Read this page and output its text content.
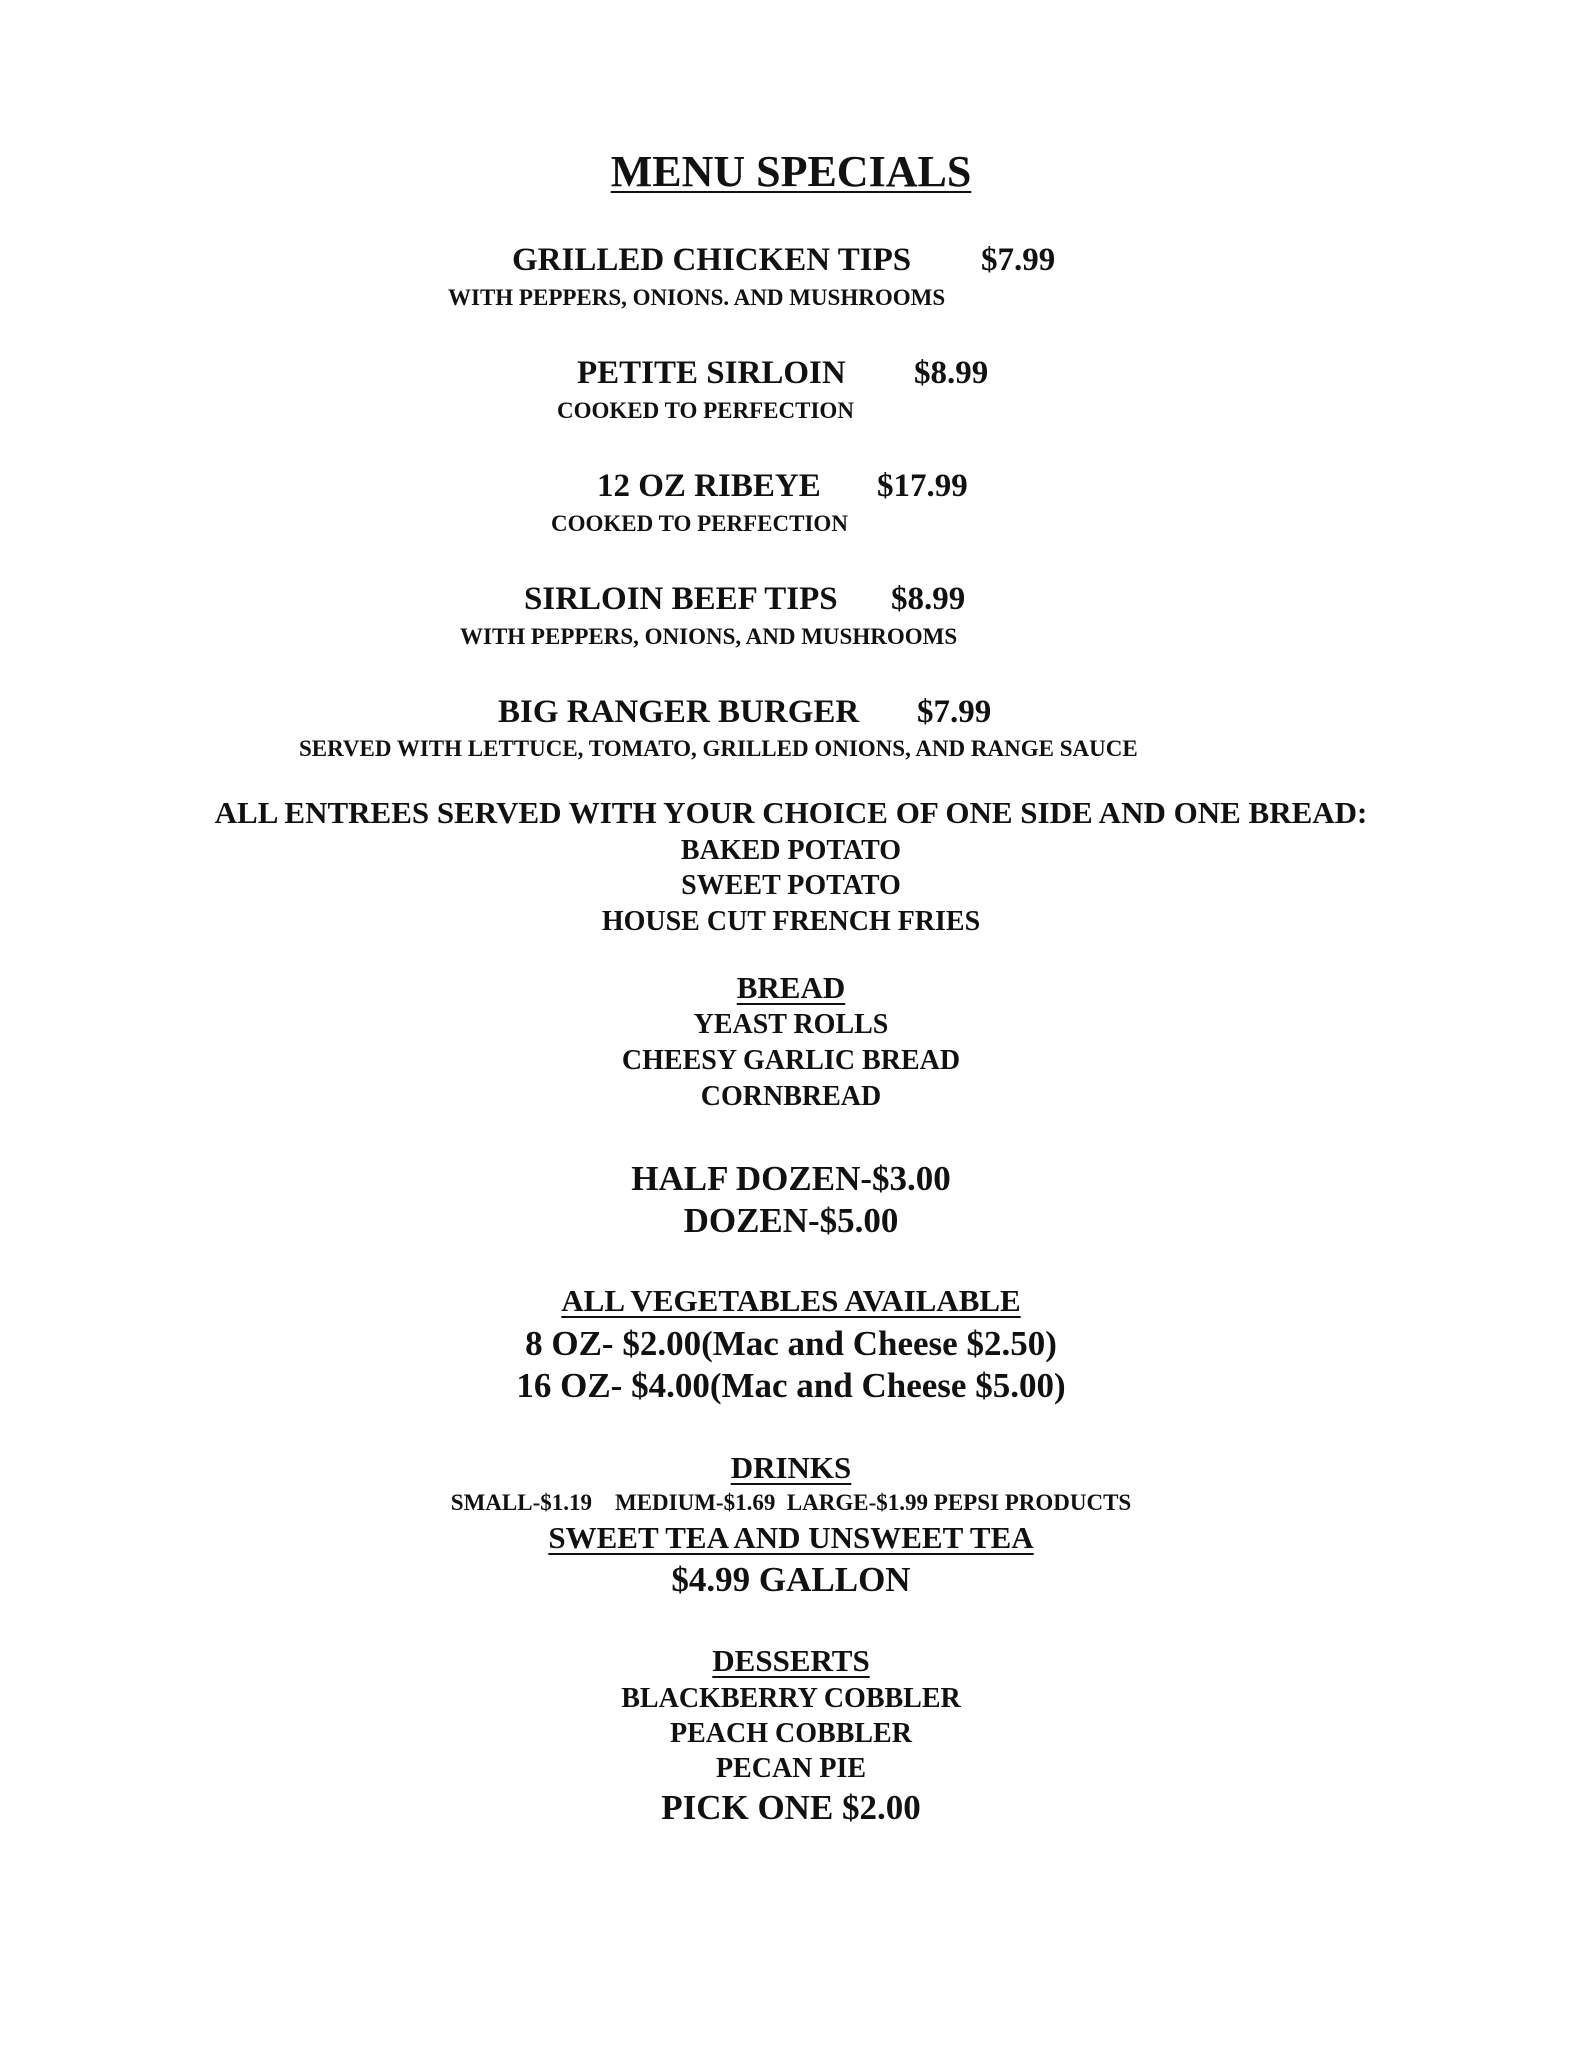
MENU SPECIALS
GRILLED CHICKEN TIPS $7.99
WITH PEPPERS, ONIONS. AND MUSHROOMS
PETITE SIRLOIN $8.99
COOKED TO PERFECTION
12 OZ RIBEYE $17.99
COOKED TO PERFECTION
SIRLOIN BEEF TIPS $8.99
WITH PEPPERS, ONIONS, AND MUSHROOMS
BIG RANGER BURGER $7.99
SERVED WITH LETTUCE, TOMATO, GRILLED ONIONS, AND RANGE SAUCE
ALL ENTREES SERVED WITH YOUR CHOICE OF ONE SIDE AND ONE BREAD:
BAKED POTATO
SWEET POTATO
HOUSE CUT FRENCH FRIES
BREAD
YEAST ROLLS
CHEESY GARLIC BREAD
CORNBREAD
HALF DOZEN-$3.00
DOZEN-$5.00
ALL VEGETABLES AVAILABLE
8 OZ- $2.00(Mac and Cheese $2.50)
16 OZ- $4.00(Mac and Cheese $5.00)
DRINKS
SMALL-$1.19    MEDIUM-$1.69  LARGE-$1.99 PEPSI PRODUCTS
SWEET TEA AND UNSWEET TEA
$4.99 GALLON
DESSERTS
BLACKBERRY COBBLER
PEACH COBBLER
PECAN PIE
PICK ONE $2.00
